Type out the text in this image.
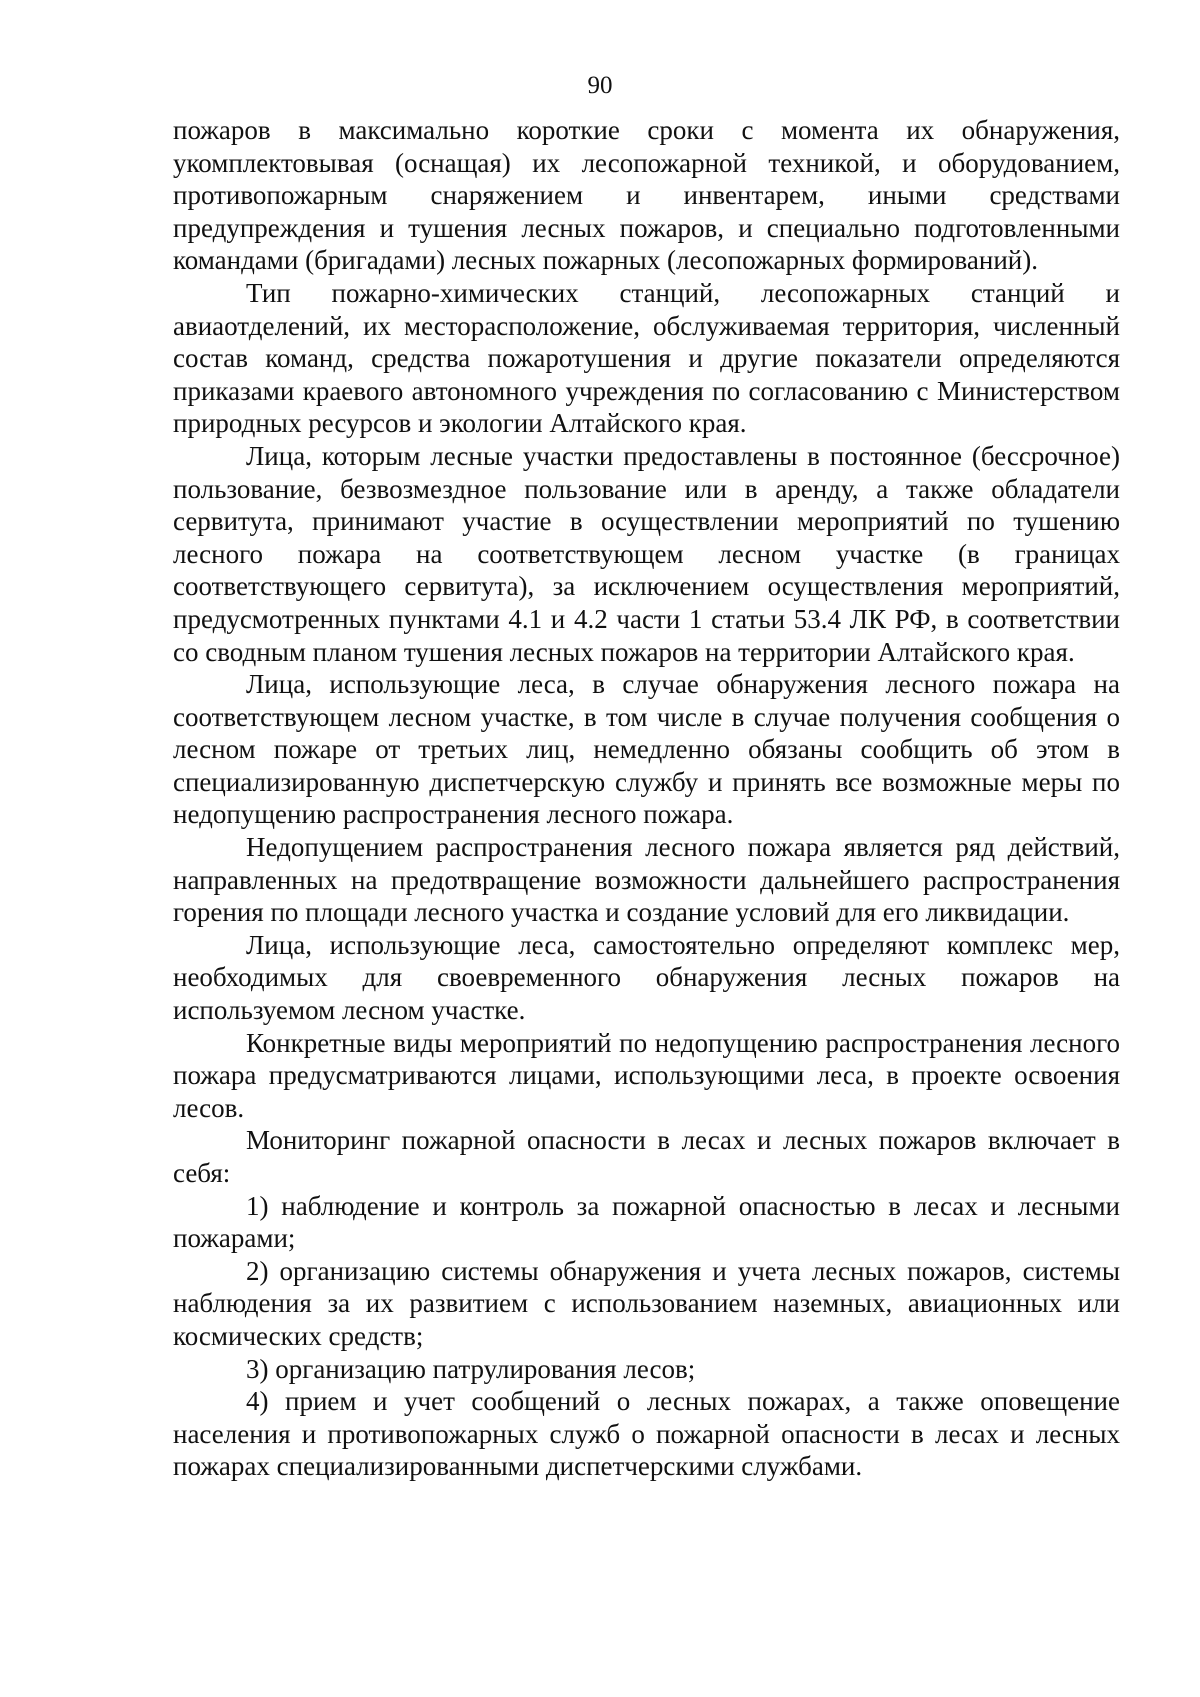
90

пожаров в максимально короткие сроки с момента их обнаружения, укомплектовывая (оснащая) их лесопожарной техникой, и оборудованием, противопожарным снаряжением и инвентарем, иными средствами предупреждения и тушения лесных пожаров, и специально подготовленными командами (бригадами) лесных пожарных (лесопожарных формирований).

Тип пожарно-химических станций, лесопожарных станций и авиаотделений, их месторасположение, обслуживаемая территория, численный состав команд, средства пожаротушения и другие показатели определяются приказами краевого автономного учреждения по согласованию с Министерством природных ресурсов и экологии Алтайского края.

Лица, которым лесные участки предоставлены в постоянное (бессрочное) пользование, безвозмездное пользование или в аренду, а также обладатели сервитута, принимают участие в осуществлении мероприятий по тушению лесного пожара на соответствующем лесном участке (в границах соответствующего сервитута), за исключением осуществления мероприятий, предусмотренных пунктами 4.1 и 4.2 части 1 статьи 53.4 ЛК РФ, в соответствии со сводным планом тушения лесных пожаров на территории Алтайского края.

Лица, использующие леса, в случае обнаружения лесного пожара на соответствующем лесном участке, в том числе в случае получения сообщения о лесном пожаре от третьих лиц, немедленно обязаны сообщить об этом в специализированную диспетчерскую службу и принять все возможные меры по недопущению распространения лесного пожара.

Недопущением распространения лесного пожара является ряд действий, направленных на предотвращение возможности дальнейшего распространения горения по площади лесного участка и создание условий для его ликвидации.

Лица, использующие леса, самостоятельно определяют комплекс мер, необходимых для своевременного обнаружения лесных пожаров на используемом лесном участке.

Конкретные виды мероприятий по недопущению распространения лесного пожара предусматриваются лицами, использующими леса, в проекте освоения лесов.

Мониторинг пожарной опасности в лесах и лесных пожаров включает в себя:

1) наблюдение и контроль за пожарной опасностью в лесах и лесными пожарами;

2) организацию системы обнаружения и учета лесных пожаров, системы наблюдения за их развитием с использованием наземных, авиационных или космических средств;

3) организацию патрулирования лесов;

4) прием и учет сообщений о лесных пожарах, а также оповещение населения и противопожарных служб о пожарной опасности в лесах и лесных пожарах специализированными диспетчерскими службами.
